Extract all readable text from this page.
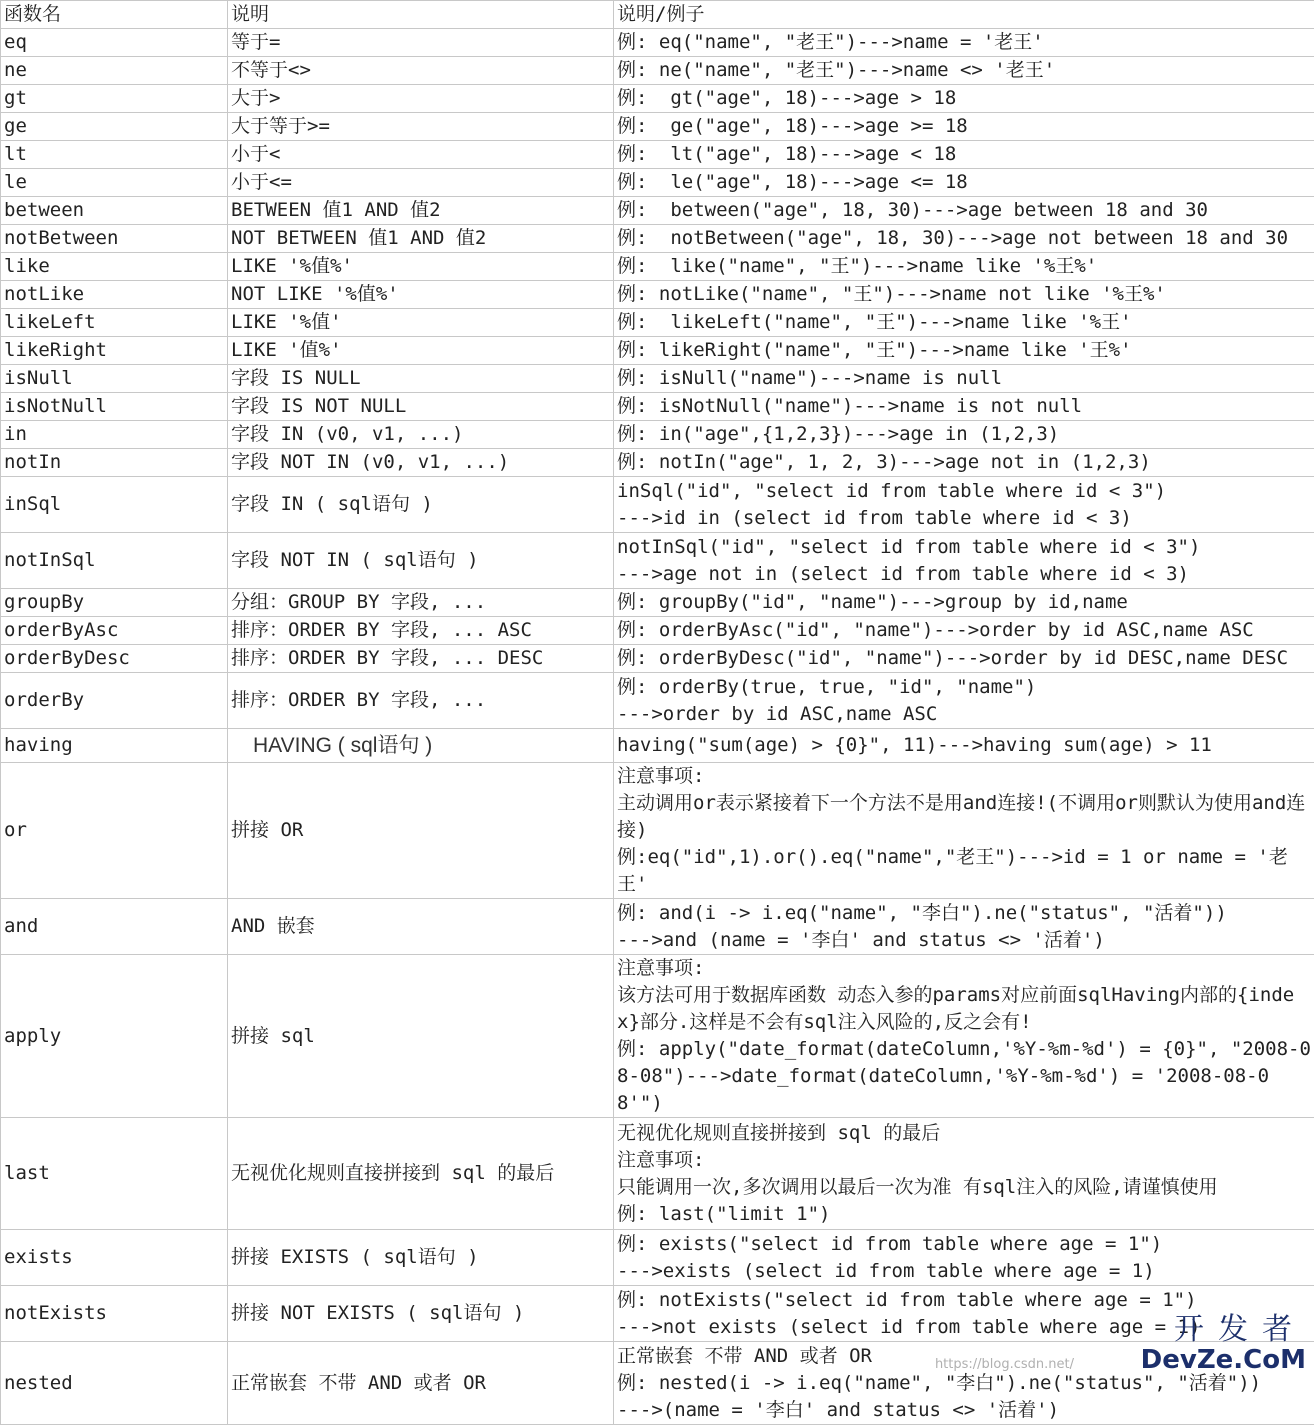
函数名	说明	说明/例子
eq	等于=	例: eq("name", "老王")--->name = '老王'

ne	不等于<>	例: ne("name", "老王")--->name <> '老王'

gt	大于>	例:  gt("age", 18)--->age > 18

ge	大于等于>=	例:  ge("age", 18)--->age >= 18

lt	小于<	例:  lt("age", 18)--->age < 18

le	小于<=	例:  le("age", 18)--->age <= 18

between	BETWEEN 值1 AND 值2	例:  between("age", 18, 30)--->age between 18 and 30

notBetween	NOT BETWEEN 值1 AND 值2	例:  notBetween("age", 18, 30)--->age not between 18 and 30

like	LIKE '%值%'	例:  like("name", "王")--->name like '%王%'

notLike	NOT LIKE '%值%'	例: notLike("name", "王")--->name not like '%王%'

likeLeft	LIKE '%值'	例:  likeLeft("name", "王")--->name like '%王'

likeRight	LIKE '值%'	例: likeRight("name", "王")--->name like '王%'

isNull	字段 IS NULL	例: isNull("name")--->name is null

isNotNull	字段 IS NOT NULL	例: isNotNull("name")--->name is not null

in	字段 IN (v0, v1, ...)	例: in("age",{1,2,3})--->age in (1,2,3)

notIn	字段 NOT IN (v0, v1, ...)	例: notIn("age", 1, 2, 3)--->age not in (1,2,3)

inSql	字段 IN ( sql语句 )	inSql("id", "select id from table where id < 3")
--->id in (select id from table where id < 3)

notInSql	字段 NOT IN ( sql语句 )	notInSql("id", "select id from table where id < 3")
--->age not in (select id from table where id < 3)

groupBy	分组：GROUP BY 字段, ...	例: groupBy("id", "name")--->group by id,name

orderByAsc	排序：ORDER BY 字段, ... ASC	例: orderByAsc("id", "name")--->order by id ASC,name ASC

orderByDesc	排序：ORDER BY 字段, ... DESC	例: orderByDesc("id", "name")--->order by id DESC,name DESC

orderBy	排序：ORDER BY 字段, ...	例: orderBy(true, true, "id", "name")
--->order by id ASC,name ASC

having	HAVING ( sql语句 )	having("sum(age) > {0}", 11)--->having sum(age) > 11

or	拼接 OR	注意事项:
主动调用or表示紧接着下一个方法不是用and连接!(不调用or则默认为使用and连接)
例:eq("id",1).or().eq("name","老王")--->id = 1 or name = '老王'

and	AND 嵌套	例: and(i -> i.eq("name", "李白").ne("status", "活着"))
--->and (name = '李白' and status <> '活着')

apply	拼接 sql	注意事项:
该方法可用于数据库函数 动态入参的params对应前面sqlHaving内部的{index}部分.这样是不会有sql注入风险的,反之会有!
例: apply("date_format(dateColumn,'%Y-%m-%d') = {0}", "2008-08-08")--->date_format(dateColumn,'%Y-%m-%d') = '2008-08-08'")

last	无视优化规则直接拼接到 sql 的最后	无视优化规则直接拼接到 sql 的最后
注意事项:
只能调用一次,多次调用以最后一次为准 有sql注入的风险,请谨慎使用
例: last("limit 1")

exists	拼接 EXISTS ( sql语句 )	例: exists("select id from table where age = 1")
--->exists (select id from table where age = 1)

notExists	拼接 NOT EXISTS ( sql语句 )	例: notExists("select id from table where age = 1")
--->not exists (select id from table where age = 1)

nested	正常嵌套 不带 AND 或者 OR	正常嵌套 不带 AND 或者 OR
例: nested(i -> i.eq("name", "李白").ne("status", "活着"))
--->(name = '李白' and status <> '活着')
https://blog.csdn.net/
开发者
DevZe.CoM
